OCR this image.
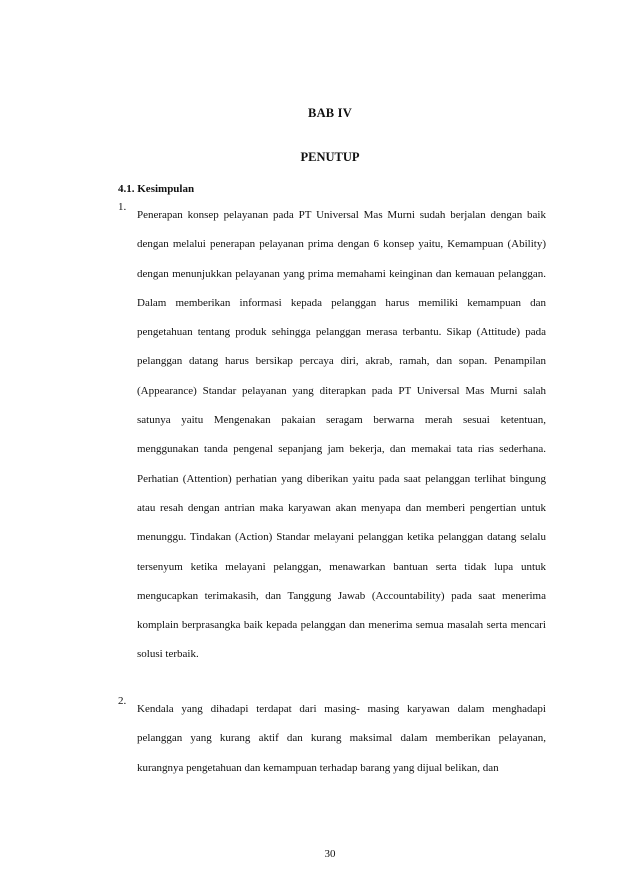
BAB IV
PENUTUP
4.1. Kesimpulan
1.
Penerapan konsep pelayanan pada PT Universal Mas Murni sudah berjalan dengan baik dengan melalui penerapan pelayanan prima dengan 6 konsep yaitu, Kemampuan (Ability) dengan menunjukkan pelayanan yang prima memahami keinginan dan kemauan pelanggan. Dalam memberikan informasi kepada pelanggan harus memiliki kemampuan dan pengetahuan tentang produk sehingga pelanggan merasa terbantu. Sikap (Attitude) pada pelanggan datang harus bersikap percaya diri, akrab, ramah, dan sopan. Penampilan (Appearance) Standar pelayanan yang diterapkan pada PT Universal Mas Murni salah satunya yaitu Mengenakan pakaian seragam berwarna merah sesuai ketentuan, menggunakan tanda pengenal sepanjang jam bekerja, dan memakai tata rias sederhana. Perhatian (Attention) perhatian yang diberikan yaitu pada saat pelanggan terlihat bingung atau resah dengan antrian maka karyawan akan menyapa dan memberi pengertian untuk menunggu. Tindakan (Action) Standar melayani pelanggan ketika pelanggan datang selalu tersenyum ketika melayani pelanggan, menawarkan bantuan serta tidak lupa untuk mengucapkan terimakasih, dan Tanggung Jawab (Accountability) pada saat menerima komplain berprasangka baik kepada pelanggan dan menerima semua masalah serta mencari solusi terbaik.
2.
Kendala yang dihadapi terdapat dari masing- masing karyawan dalam menghadapi pelanggan yang kurang aktif dan kurang maksimal dalam memberikan pelayanan, kurangnya pengetahuan dan kemampuan terhadap barang yang dijual belikan, dan
30
